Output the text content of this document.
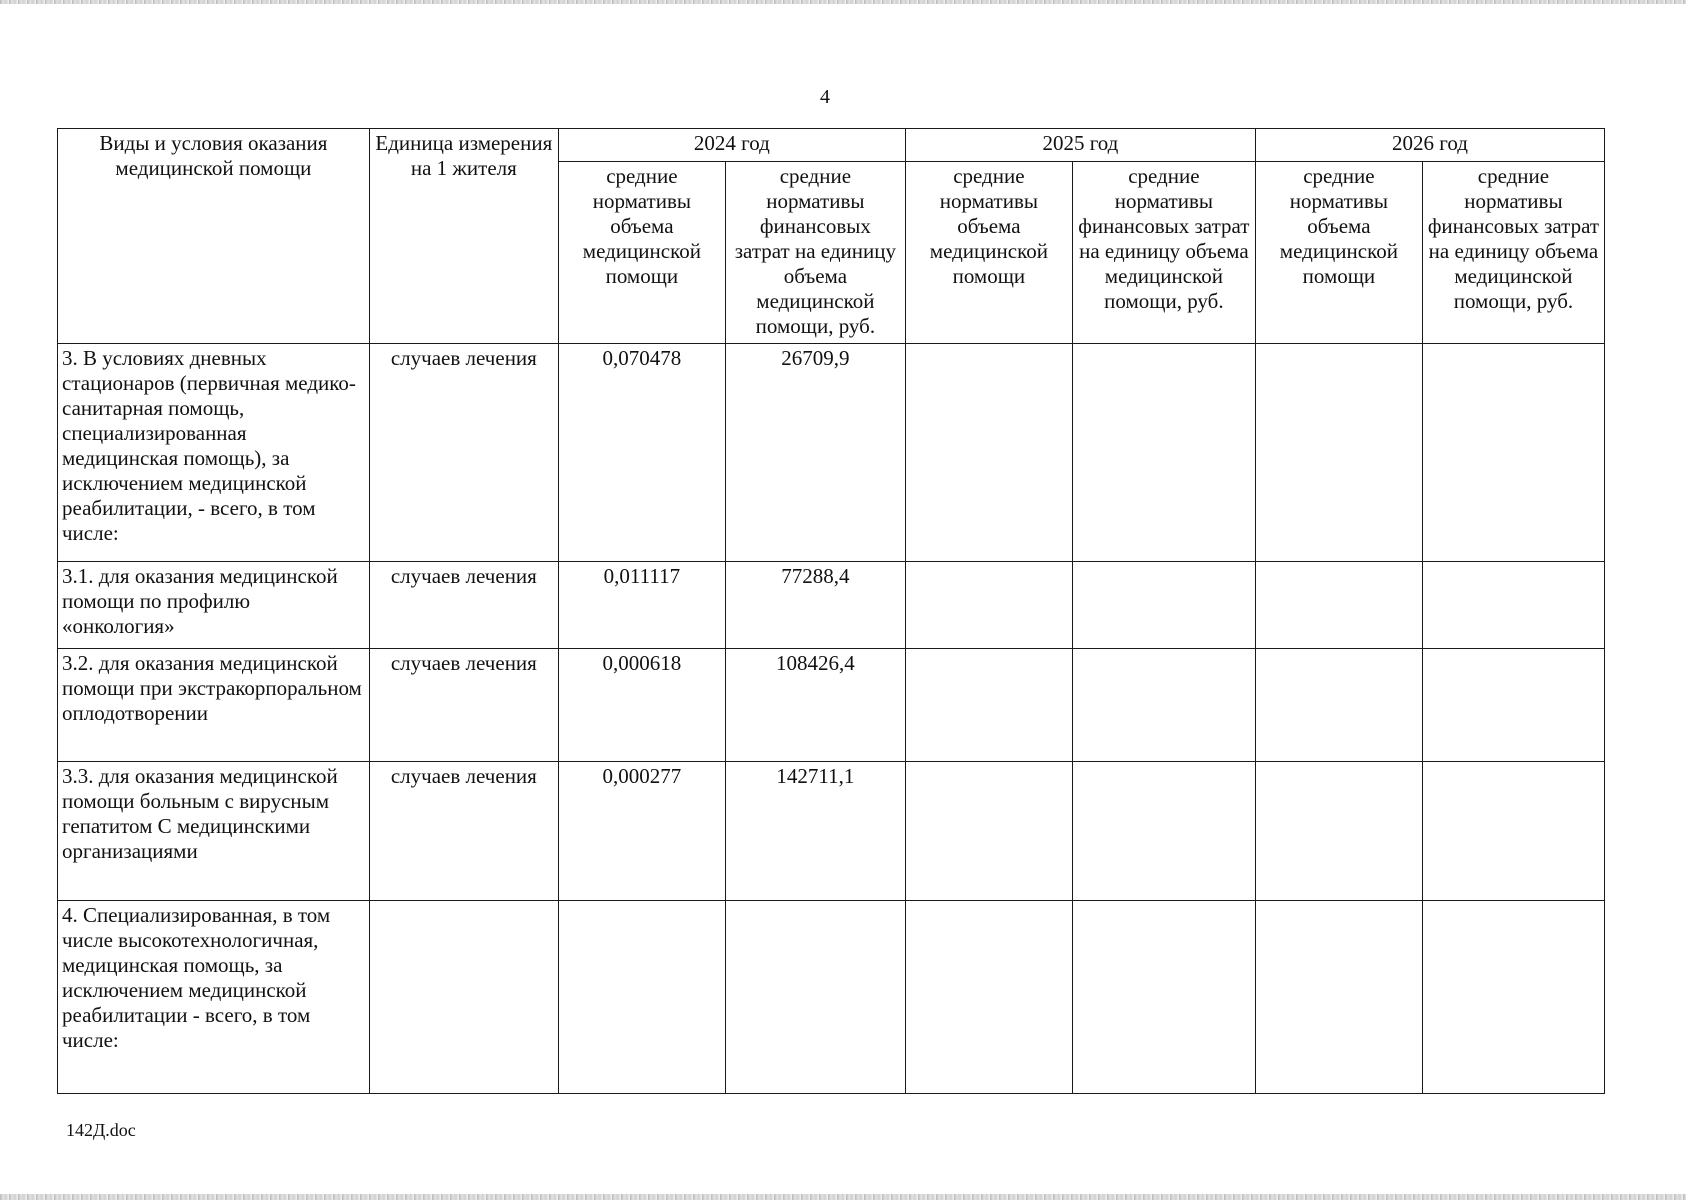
4
Виды и условия оказания медицинской помощи	Единица измерения на 1 жителя	2024 год		2025 год		2026 год	
		средние нормативы объема медицинской помощи	средние нормативы финансовых затрат на единицу объема медицинской помощи, руб.	средние нормативы объема медицинской помощи	средние нормативы финансовых затрат на единицу объема медицинской помощи, руб.	средние нормативы объема медицинской помощи	средние нормативы финансовых затрат на единицу объема медицинской помощи, руб.
3. В условиях дневных стационаров (первичная медико-санитарная помощь, специализированная медицинская помощь), за исключением медицинской реабилитации, - всего, в том числе:	случаев лечения	0,070478	26709,9				
3.1. для оказания медицинской помощи по профилю «онкология»	случаев лечения	0,011117	77288,4				
3.2. для оказания медицинской помощи при экстракорпоральном оплодотворении	случаев лечения	0,000618	108426,4				
3.3. для оказания медицинской помощи больным с вирусным гепатитом С медицинскими организациями	случаев лечения	0,000277	142711,1				
4. Специализированная, в том числе высокотехнологичная, медицинская помощь, за исключением медицинской реабилитации - всего, в том числе:							
142Д.doc
